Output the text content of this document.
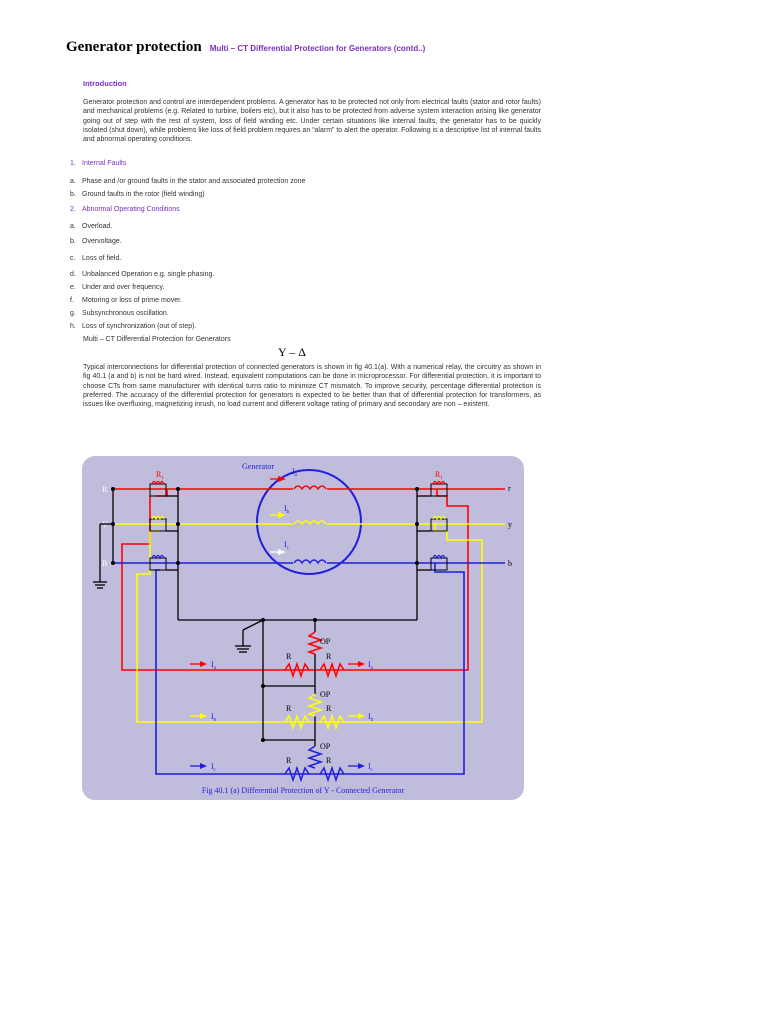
Generator protection Multi – CT Differential Protection for Generators (contd..)
Introduction

Generator protection and control are interdependent problems. A generator has to be protected not only from electrical faults (stator and rotor faults) and mechanical problems (e.g. Related to turbine, boilers etc), but it also has to be protected from adverse system interaction arising like generator going out of step with the rest of system, loss of field winding etc. Under certain situations like internal faults, the generator has to be quickly isolated (shut down), while problems like loss of field problem requires an “alarm” to alert the operator. Following is a descriptive list of internal faults and abnormal operating conditions.

1. Internal Faults
a. Phase and /or ground faults in the stator and associated protection zone
b. Ground faults in the rotor (field winding)
2. Abnormal Operating Conditions
a. Overload.
b. Overvoltage.
c. Loss of field.
d. Unbalanced Operation e.g. single phasing.
e. Under and over frequency.
f. Motoring or loss of prime mover.
g. Subsynchronous oscillation.
h. Loss of synchronization (out of step).
Multi – CT Differential Protection for Generators
Y – Δ

Typical interconnections for differential protection of connected generators is shown in fig 40.1(a). With a numerical relay, the circuitry as shown in fig 40.1 (a and b) is not be hard wired. Instead, equivalent computations can be done in microprocessor. For differential protection, it is important to choose CTs from same manufacturer with identical turns ratio to minimize CT mismatch. To improve security, percentage differential protection is preferred. The accuracy of the differential protection for generators is expected to be better than that of differential protection for transformers, as issues like overfluxing, magnetizing inrush, no load current and different voltage rating of primary and secondary are non – existent.

Generator
$I_a$
$I_b$
$I_c$
R
Y
B
r
y
b
$R_1$	$R_1$
OP
R	R
OP
R	R
OP
R	R
$I_a$	$I_a$
$I_b$	$I_b$
$I_c$	$I_c$
Fig 40.1 (a) Differential Protection of Y - Connected Generator
